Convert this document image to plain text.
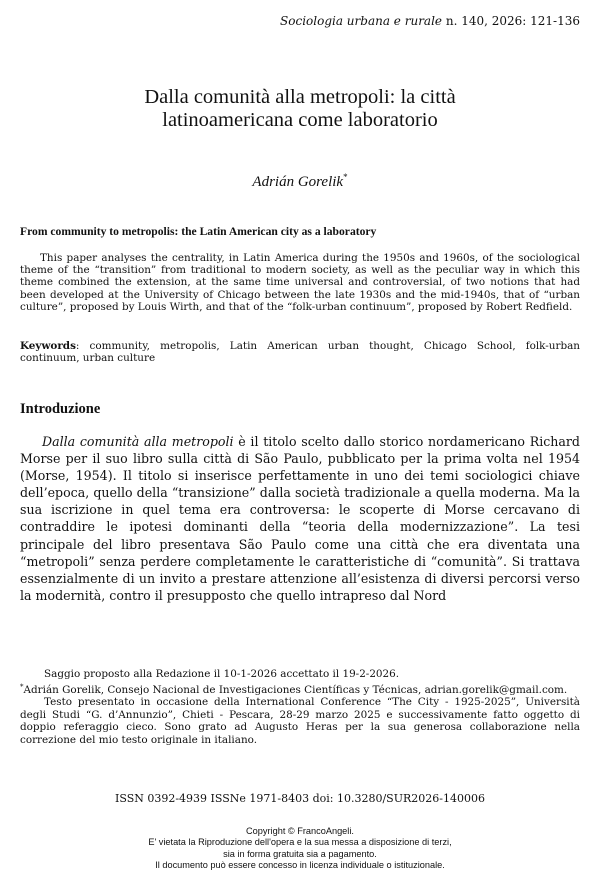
Sociologia urbana e rurale n. 140, 2026: 121-136
Dalla comunità alla metropoli: la città
latinoamericana come laboratorio
Adrián Gorelik*
From community to metropolis: the Latin American city as a laboratory

This paper analyses the centrality, in Latin America during the 1950s and 1960s, of the sociological theme of the “transition” from traditional to modern society, as well as the peculiar way in which this theme combined the extension, at the same time universal and controversial, of two notions that had been developed at the University of Chicago between the late 1930s and the mid-1940s, that of “urban culture”, proposed by Louis Wirth, and that of the “folk-urban continuum”, proposed by Robert Redfield.

Keywords: community, metropolis, Latin American urban thought, Chicago School, folk-urban continuum, urban culture

Introduzione

Dalla comunità alla metropoli è il titolo scelto dallo storico nordamericano Richard Morse per il suo libro sulla città di São Paulo, pubblicato per la prima volta nel 1954 (Morse, 1954). Il titolo si inserisce perfettamente in uno dei temi sociologici chiave dell’epoca, quello della “transizione” dalla società tradizionale a quella moderna. Ma la sua iscrizione in quel tema era controversa: le scoperte di Morse cercavano di contraddire le ipotesi dominanti della “teoria della modernizzazione”. La tesi principale del libro presentava São Paulo come una città che era diventata una “metropoli” senza perdere completamente le caratteristiche di “comunità”. Si trattava essenzialmente di un invito a prestare attenzione all’esistenza di diversi percorsi verso la modernità, contro il presupposto che quello intrapreso dal Nord

Saggio proposto alla Redazione il 10-1-2026 accettato il 19-2-2026.

*Adrián Gorelik, Consejo Nacional de Investigaciones Científicas y Técnicas, adrian.gorelik@gmail.com.

Testo presentato in occasione della International Conference “The City - 1925-2025”, Università degli Studi “G. d’Annunzio”, Chieti - Pescara, 28-29 marzo 2025 e successivamente fatto oggetto di doppio referaggio cieco. Sono grato ad Augusto Heras per la sua generosa collaborazione nella correzione del mio testo originale in italiano.

ISSN 0392-4939 ISSNe 1971-8403 doi: 10.3280/SUR2026-140006
Copyright © FrancoAngeli.
E' vietata la Riproduzione dell'opera e la sua messa a disposizione di terzi,
sia in forma gratuita sia a pagamento.
Il documento può essere concesso in licenza individuale o istituzionale.
